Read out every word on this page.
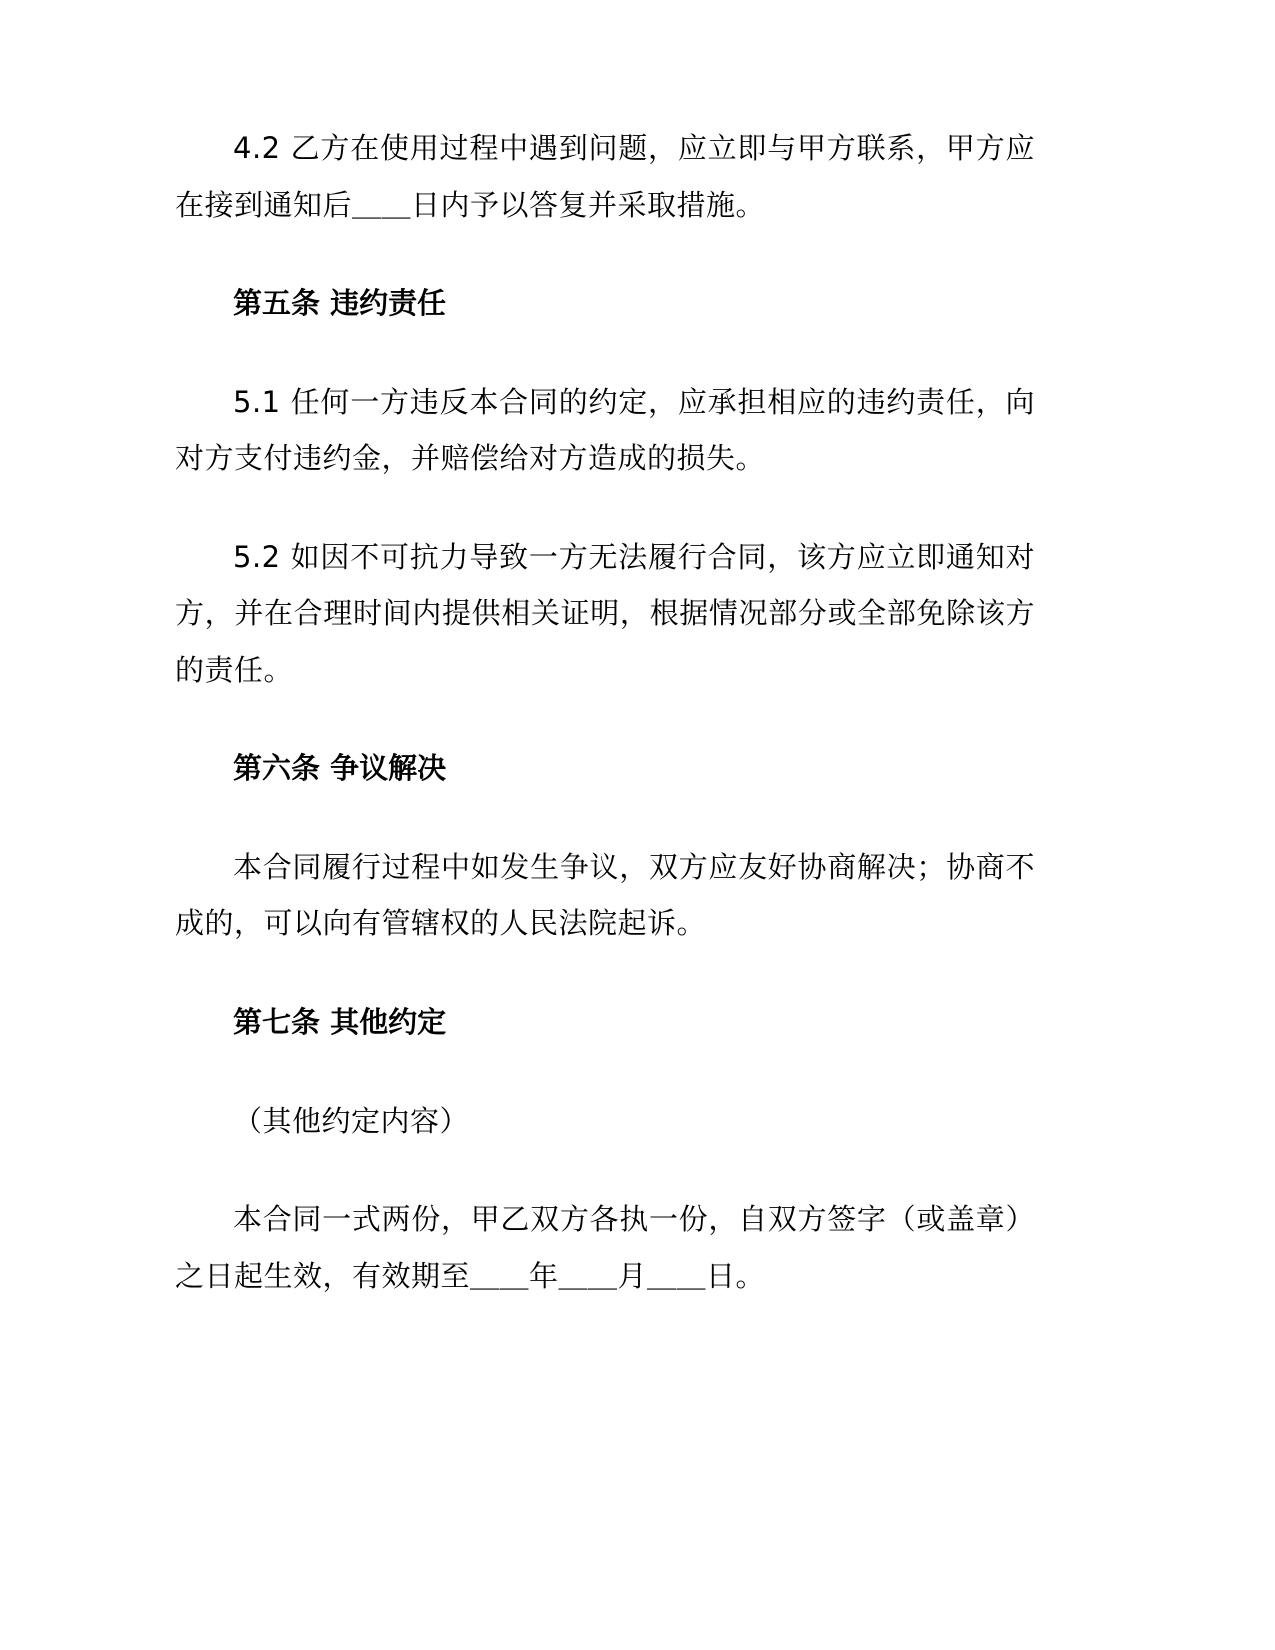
4.2 乙方在使用过程中遇到问题，应立即与甲方联系，甲方应在接到通知后＿＿日内予以答复并采取措施。

第五条 违约责任

5.1 任何一方违反本合同的约定，应承担相应的违约责任，向对方支付违约金，并赔偿给对方造成的损失。

5.2 如因不可抗力导致一方无法履行合同，该方应立即通知对方，并在合理时间内提供相关证明，根据情况部分或全部免除该方的责任。

第六条 争议解决

本合同履行过程中如发生争议，双方应友好协商解决；协商不成的，可以向有管辖权的人民法院起诉。

第七条 其他约定

（其他约定内容）

本合同一式两份，甲乙双方各执一份，自双方签字（或盖章）之日起生效，有效期至＿＿年＿＿月＿＿日。
